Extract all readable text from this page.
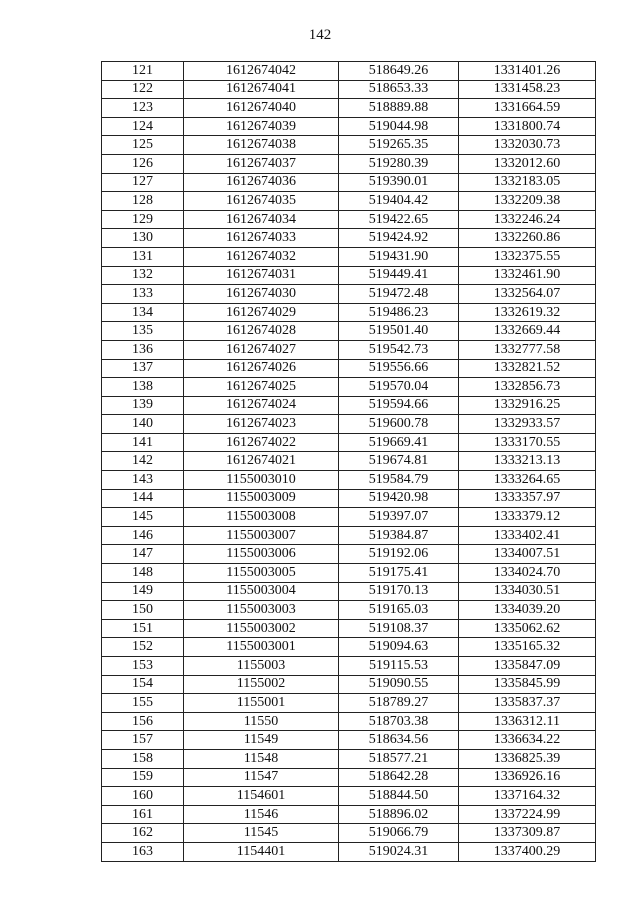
142
121	1612674042	518649.26	1331401.26
122	1612674041	518653.33	1331458.23
123	1612674040	518889.88	1331664.59
124	1612674039	519044.98	1331800.74
125	1612674038	519265.35	1332030.73
126	1612674037	519280.39	1332012.60
127	1612674036	519390.01	1332183.05
128	1612674035	519404.42	1332209.38
129	1612674034	519422.65	1332246.24
130	1612674033	519424.92	1332260.86
131	1612674032	519431.90	1332375.55
132	1612674031	519449.41	1332461.90
133	1612674030	519472.48	1332564.07
134	1612674029	519486.23	1332619.32
135	1612674028	519501.40	1332669.44
136	1612674027	519542.73	1332777.58
137	1612674026	519556.66	1332821.52
138	1612674025	519570.04	1332856.73
139	1612674024	519594.66	1332916.25
140	1612674023	519600.78	1332933.57
141	1612674022	519669.41	1333170.55
142	1612674021	519674.81	1333213.13
143	1155003010	519584.79	1333264.65
144	1155003009	519420.98	1333357.97
145	1155003008	519397.07	1333379.12
146	1155003007	519384.87	1333402.41
147	1155003006	519192.06	1334007.51
148	1155003005	519175.41	1334024.70
149	1155003004	519170.13	1334030.51
150	1155003003	519165.03	1334039.20
151	1155003002	519108.37	1335062.62
152	1155003001	519094.63	1335165.32
153	1155003	519115.53	1335847.09
154	1155002	519090.55	1335845.99
155	1155001	518789.27	1335837.37
156	11550	518703.38	1336312.11
157	11549	518634.56	1336634.22
158	11548	518577.21	1336825.39
159	11547	518642.28	1336926.16
160	1154601	518844.50	1337164.32
161	11546	518896.02	1337224.99
162	11545	519066.79	1337309.87
163	1154401	519024.31	1337400.29
